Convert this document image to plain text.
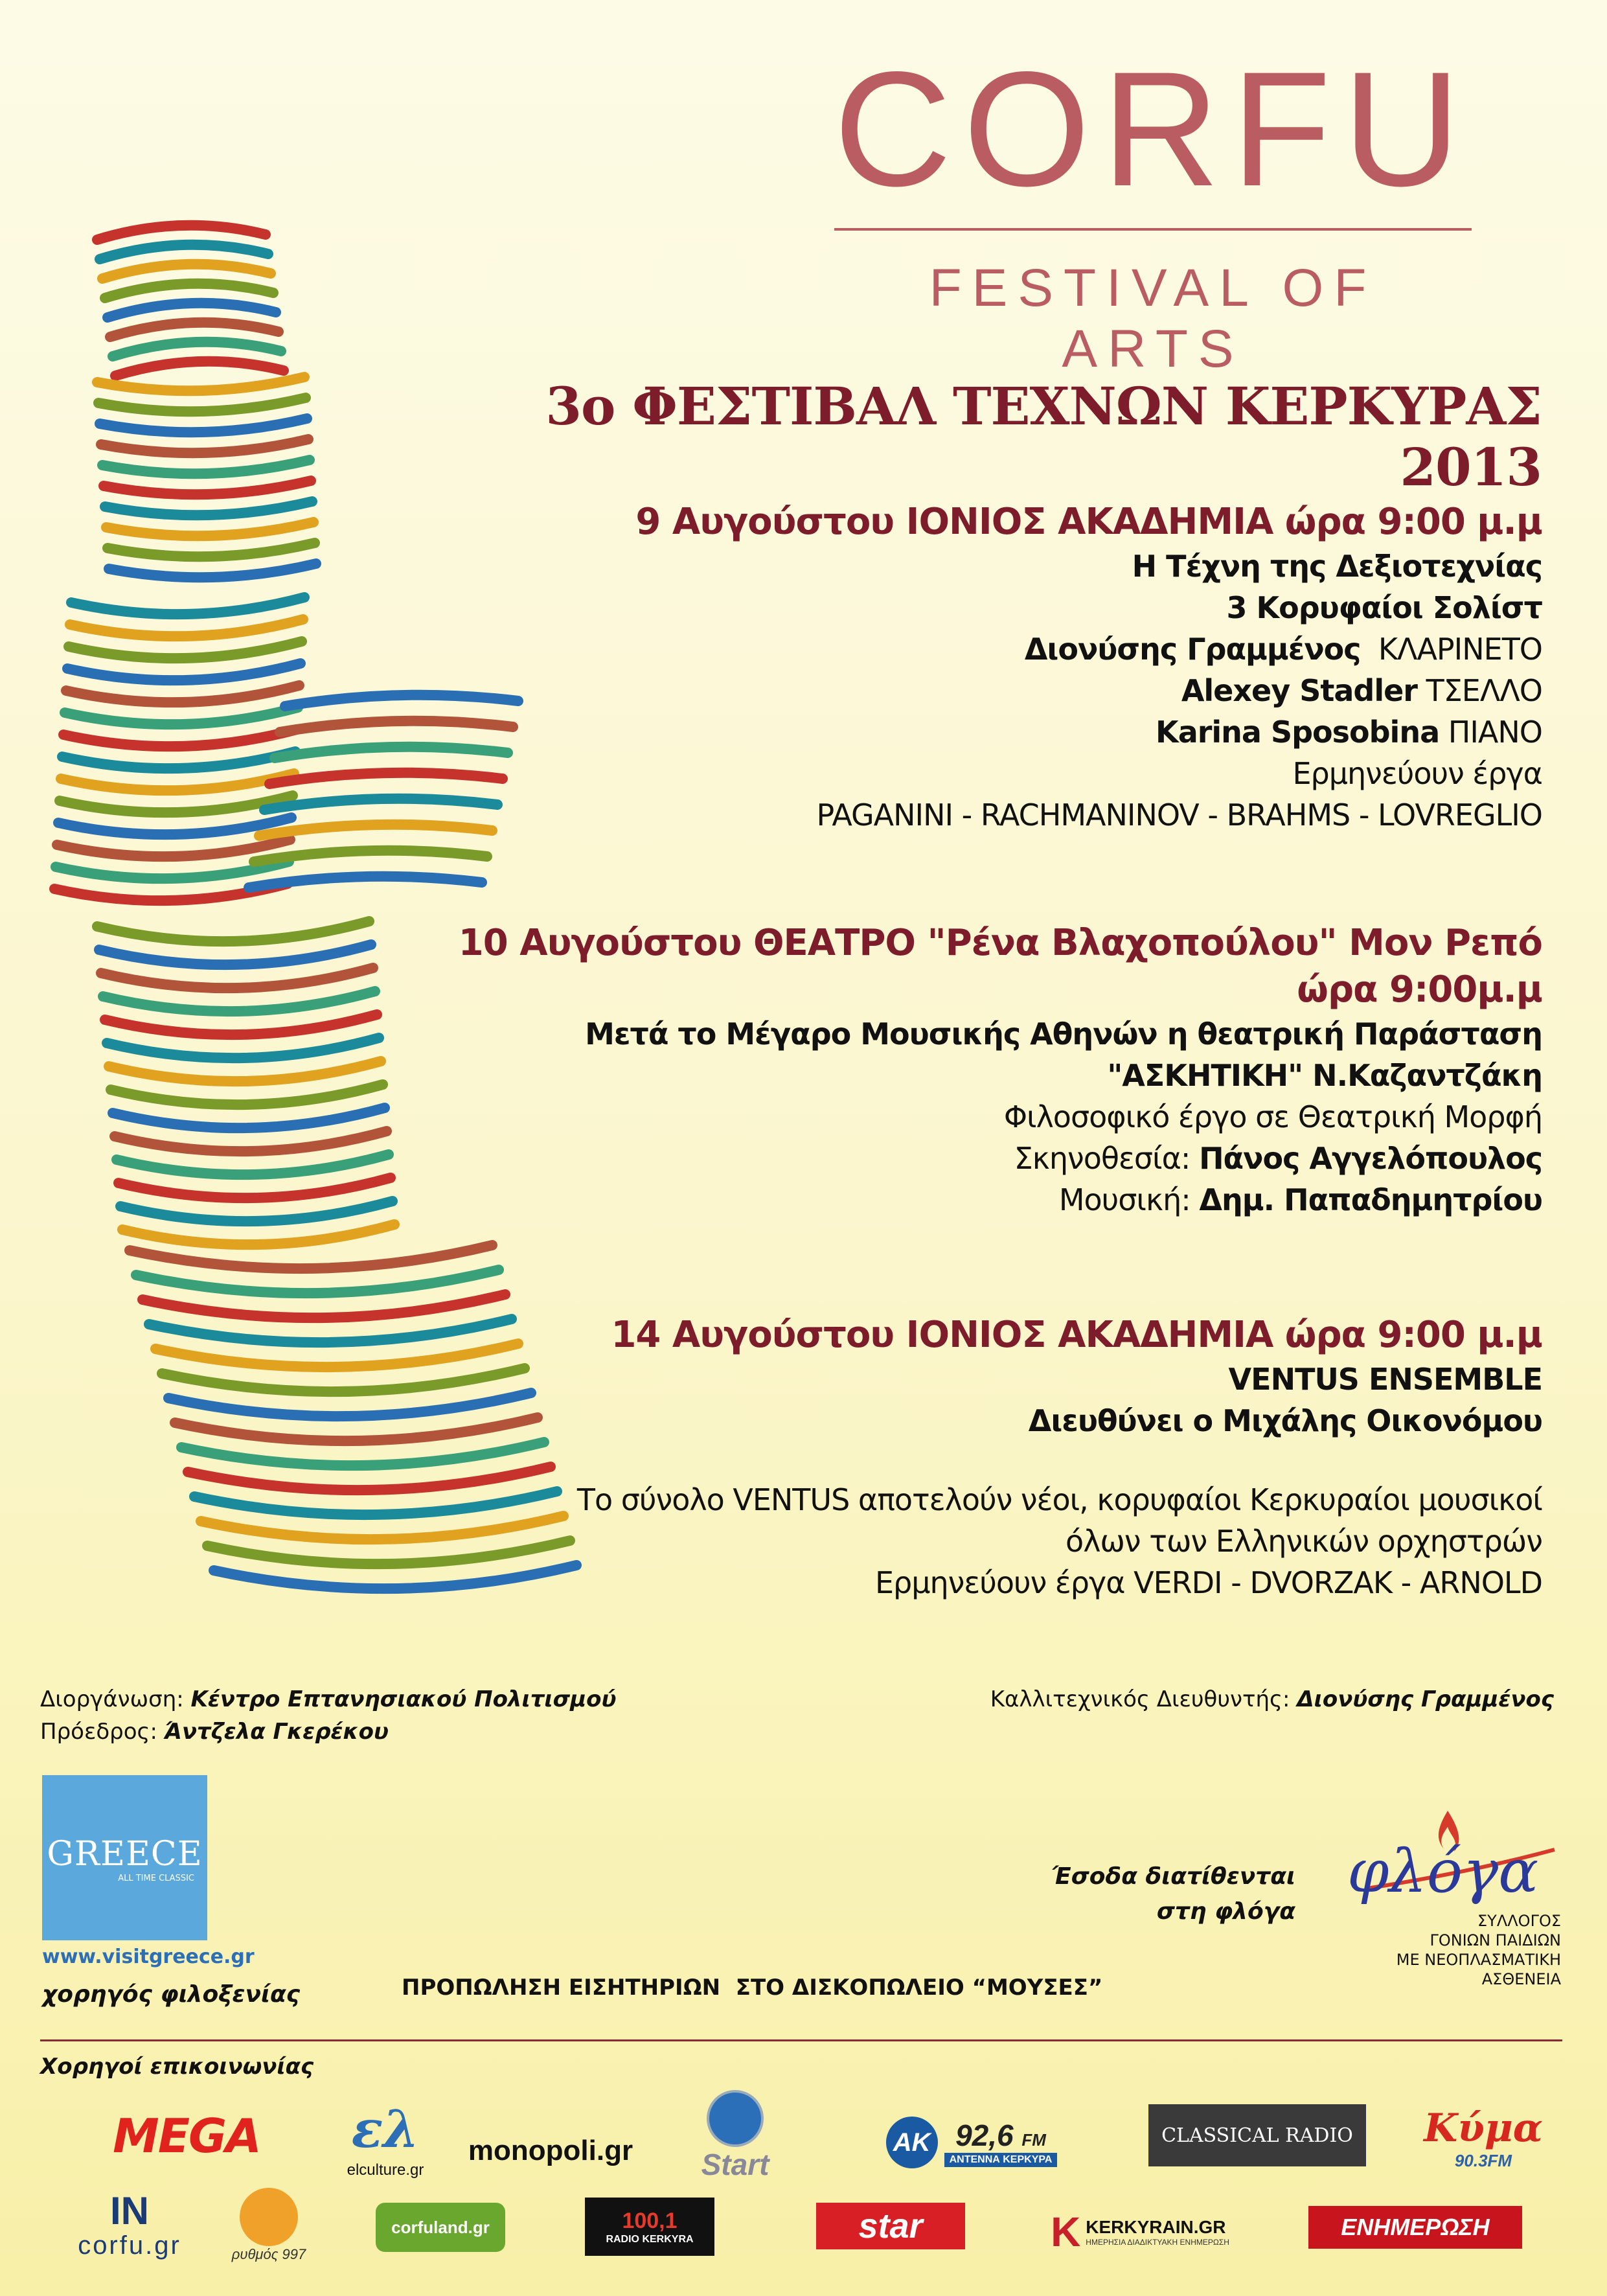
CORFU
FESTIVAL OF ARTS
3ο ΦΕΣΤΙΒΑΛ ΤΕΧΝΩΝ ΚΕΡΚΥΡΑΣ 2013
9 Αυγούστου ΙΟΝΙΟΣ ΑΚΑΔΗΜΙΑ ώρα 9:00 μ.μ
Η Τέχνη της Δεξιοτεχνίας
3 Κορυφαίοι Σολίστ
Διονύσης Γραμμένος ΚΛΑΡΙΝΕΤΟ
Alexey Stadler ΤΣΕΛΛΟ
Karina Sposobina ΠΙΑΝΟ
Ερμηνεύουν έργα
PAGANINI - RACHMANINOV - BRAHMS - LOVREGLIO
10 Αυγούστου ΘΕΑΤΡΟ "Ρένα Βλαχοπούλου" Μον Ρεπό
ώρα 9:00μ.μ
Μετά το Μέγαρο Μουσικής Αθηνών η θεατρική Παράσταση
"ΑΣΚΗΤΙΚΗ" Ν.Καζαντζάκη
Φιλοσοφικό έργο σε Θεατρική Μορφή
Σκηνοθεσία: Πάνος Αγγελόπουλος
Μουσική: Δημ. Παπαδημητρίου
14 Αυγούστου ΙΟΝΙΟΣ ΑΚΑΔΗΜΙΑ ώρα 9:00 μ.μ
VENTUS ENSEMBLE
Διευθύνει ο Μιχάλης Οικονόμου
Το σύνολο VENTUS αποτελούν νέοι, κορυφαίοι Κερκυραίοι μουσικοί
όλων των Ελληνικών ορχηστρών
Ερμηνεύουν έργα VERDI - DVORZAK - ARNOLD
Διοργάνωση: Κέντρο Επτανησιακού Πολιτισμού
Πρόεδρος: Άντζελα Γκερέκου
Καλλιτεχνικός Διευθυντής: Διονύσης Γραμμένος
GREECE
ALL TIME CLASSIC
www.visitgreece.gr
χορηγός φιλοξενίας	ΠΡΟΠΩΛΗΣΗ ΕΙΣΗΤΗΡΙΩΝ  ΣΤΟ ΔΙΣΚΟΠΩΛΕΙΟ “ΜΟΥΣΕΣ”
Έσοδα διατίθενται
στη φλόγα
φλόγα
ΣΥΛΛΟΓΟΣ
ΓΟΝΙΩΝ ΠΑΙΔΙΩΝ
ΜΕ ΝΕΟΠΛΑΣΜΑΤΙΚΗ
ΑΣΘΕΝΕΙΑ
Χορηγοί επικοινωνίας
MEGA	ελ
elculture.gr
monopoli.gr	Start
AK 92,6 FM
ΑΝΤΕΝΝΑ ΚΕΡΚΥΡΑ
CLASSICAL RADIO	Κύμα
90.3FM
IN
corfu.gr	ρυθμός 997
corfuland.gr	100,1
RADIO KERKYRA	star	K KERKYRAIN.GR
ΗΜΕΡΗΣΙΑ ΔΙΑΔΙΚΤΥΑΚΗ ΕΝΗΜΕΡΩΣΗ
ΕΝΗΜΕΡΩΣΗ
